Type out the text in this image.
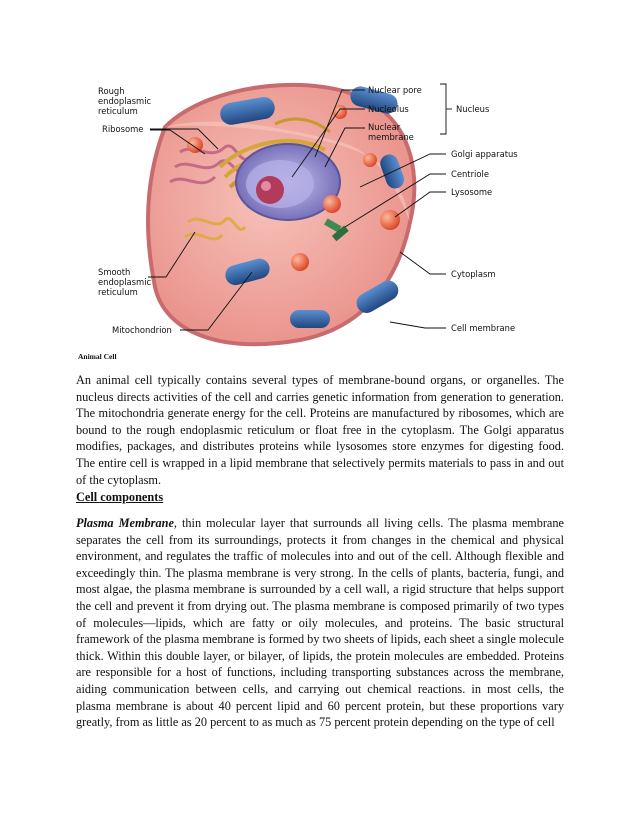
Rough
endoplasmic
reticulum
Ribosome
Smooth
endoplasmic
reticulum
Mitochondrion
Nuclear pore
Nucleolus
Nuclear
membrane
Nucleus
Golgi apparatus
Centriole
Lysosome
Cytoplasm
Cell membrane
Animal Cell

An animal cell typically contains several types of membrane-bound organs, or organelles. The nucleus directs activities of the cell and carries genetic information from generation to generation. The mitochondria generate energy for the cell. Proteins are manufactured by ribosomes, which are bound to the rough endoplasmic reticulum or float free in the cytoplasm. The Golgi apparatus modifies, packages, and distributes proteins while lysosomes store enzymes for digesting food. The entire cell is wrapped in a lipid membrane that selectively permits materials to pass in and out of the cytoplasm.

Cell components

Plasma Membrane, thin molecular layer that surrounds all living cells. The plasma membrane separates the cell from its surroundings, protects it from changes in the chemical and physical environment, and regulates the traffic of molecules into and out of the cell. Although flexible and exceedingly thin. The plasma membrane is very strong. In the cells of plants, bacteria, fungi, and most algae, the plasma membrane is surrounded by a cell wall, a rigid structure that helps support the cell and prevent it from drying out. The plasma membrane is composed primarily of two types of molecules—lipids, which are fatty or oily molecules, and proteins. The basic structural framework of the plasma membrane is formed by two sheets of lipids, each sheet a single molecule thick. Within this double layer, or bilayer, of lipids, the protein molecules are embedded. Proteins are responsible for a host of functions, including transporting substances across the membrane, aiding communication between cells, and carrying out chemical reactions. in most cells, the plasma membrane is about 40 percent lipid and 60 percent protein, but these proportions vary greatly, from as little as 20 percent to as much as 75 percent protein depending on the type of cell
